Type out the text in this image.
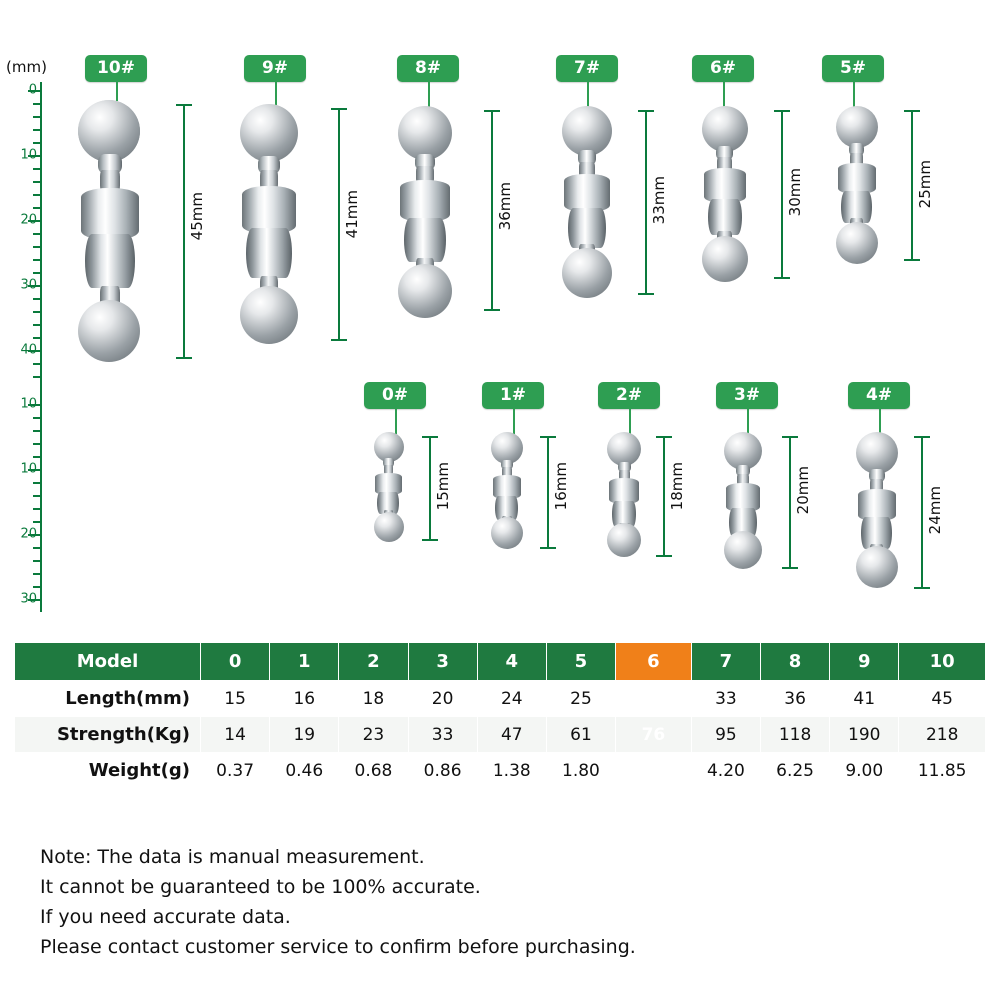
(mm)
0
10
20
30
40
10
10
20
30
10#
45mm
9#
41mm
8#
36mm
7#
33mm
6#
30mm
5#
25mm
0#
15mm
1#
16mm
2#
18mm
3#
20mm
4#
24mm
Model	0	1	2	3	4	5	6	7	8	9	10
Length(mm)	15	16	18	20	24	25	30	33	36	41	45
Strength(Kg)	14	19	23	33	47	61	76	95	118	190	218
Weight(g)	0.37	0.46	0.68	0.86	1.38	1.80	3.10	4.20	6.25	9.00	11.85
Note: The data is manual measurement.
It cannot be guaranteed to be 100% accurate.
If you need accurate data.
Please contact customer service to confirm before purchasing.
